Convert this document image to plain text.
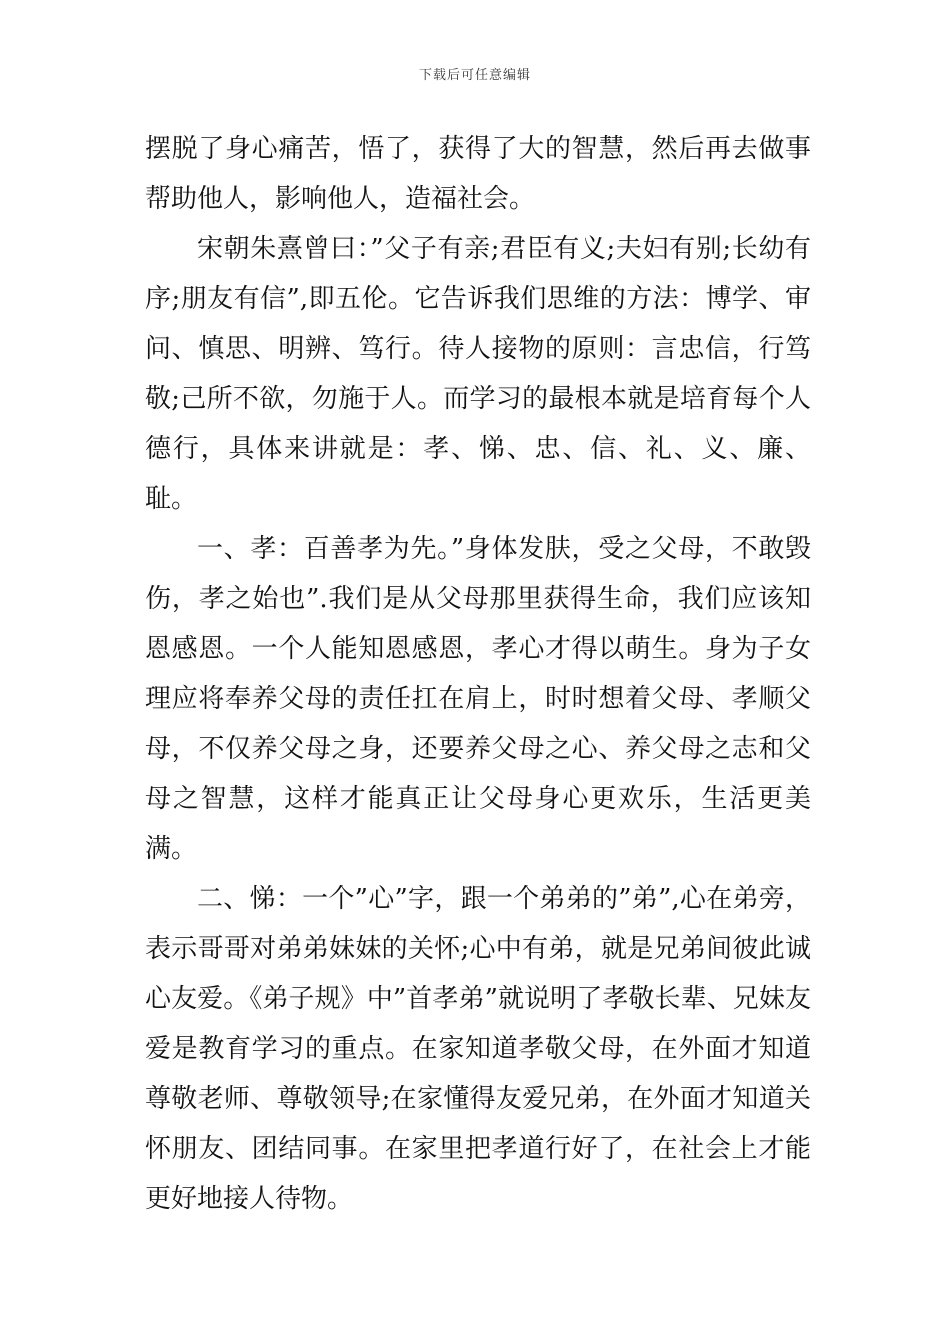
下载后可任意编辑

摆脱了身心痛苦，悟了，获得了大的智慧，然后再去做事帮助他人，影响他人，造福社会。

宋朝朱熹曾曰：”父子有亲;君臣有义;夫妇有别;长幼有序;朋友有信”,即五伦。它告诉我们思维的方法：博学、审问、慎思、明辨、笃行。待人接物的原则：言忠信，行笃敬;己所不欲，勿施于人。而学习的最根本就是培育每个人德行，具体来讲就是：孝、悌、忠、信、礼、义、廉、耻。

一、孝：百善孝为先。”身体发肤，受之父母，不敢毁伤，孝之始也”.我们是从父母那里获得生命，我们应该知恩感恩。一个人能知恩感恩，孝心才得以萌生。身为子女理应将奉养父母的责任扛在肩上，时时想着父母、孝顺父母，不仅养父母之身，还要养父母之心、养父母之志和父母之智慧，这样才能真正让父母身心更欢乐，生活更美满。

二、悌：一个”心”字，跟一个弟弟的”弟”,心在弟旁，表示哥哥对弟弟妹妹的关怀;心中有弟，就是兄弟间彼此诚心友爱。《弟子规》中”首孝弟”就说明了孝敬长辈、兄妹友爱是教育学习的重点。在家知道孝敬父母，在外面才知道尊敬老师、尊敬领导;在家懂得友爱兄弟，在外面才知道关怀朋友、团结同事。在家里把孝道行好了，在社会上才能更好地接人待物。
